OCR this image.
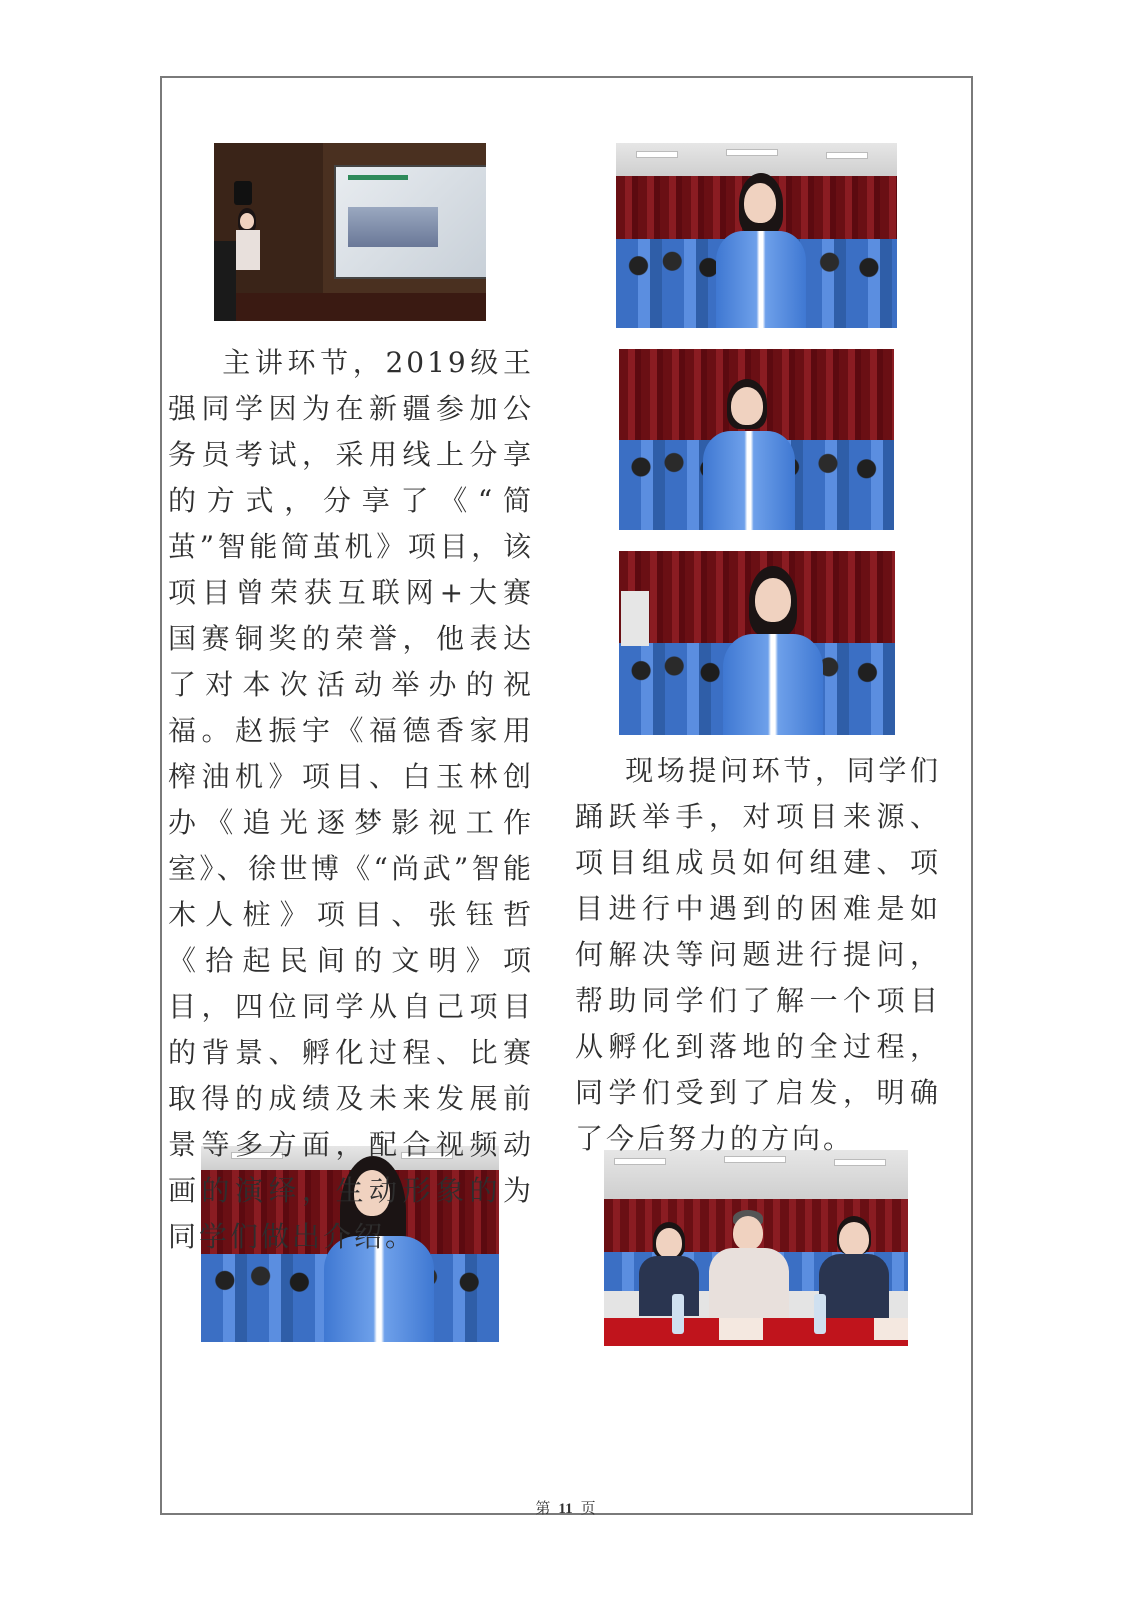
主讲环节，2019级王强同学因为在新疆参加公务员考试，采用线上分享的方式，分享了《“简茧”智能简茧机》项目，该项目曾荣获互联网+大赛国赛铜奖的荣誉，他表达了对本次活动举办的祝福。赵振宇《福德香家用榨油机》项目、白玉林创办《追光逐梦影视工作室》、徐世博《“尚武”智能木人桩》项目、张钰哲《拾起民间的文明》项目，四位同学从自己项目的背景、孵化过程、比赛取得的成绩及未来发展前景等多方面，配合视频动画的演绎，生动形象的为同学们做出介绍。

现场提问环节，同学们踊跃举手，对项目来源、项目组成员如何组建、项目进行中遇到的困难是如何解决等问题进行提问，帮助同学们了解一个项目从孵化到落地的全过程，同学们受到了启发，明确了今后努力的方向。

第 11 页
